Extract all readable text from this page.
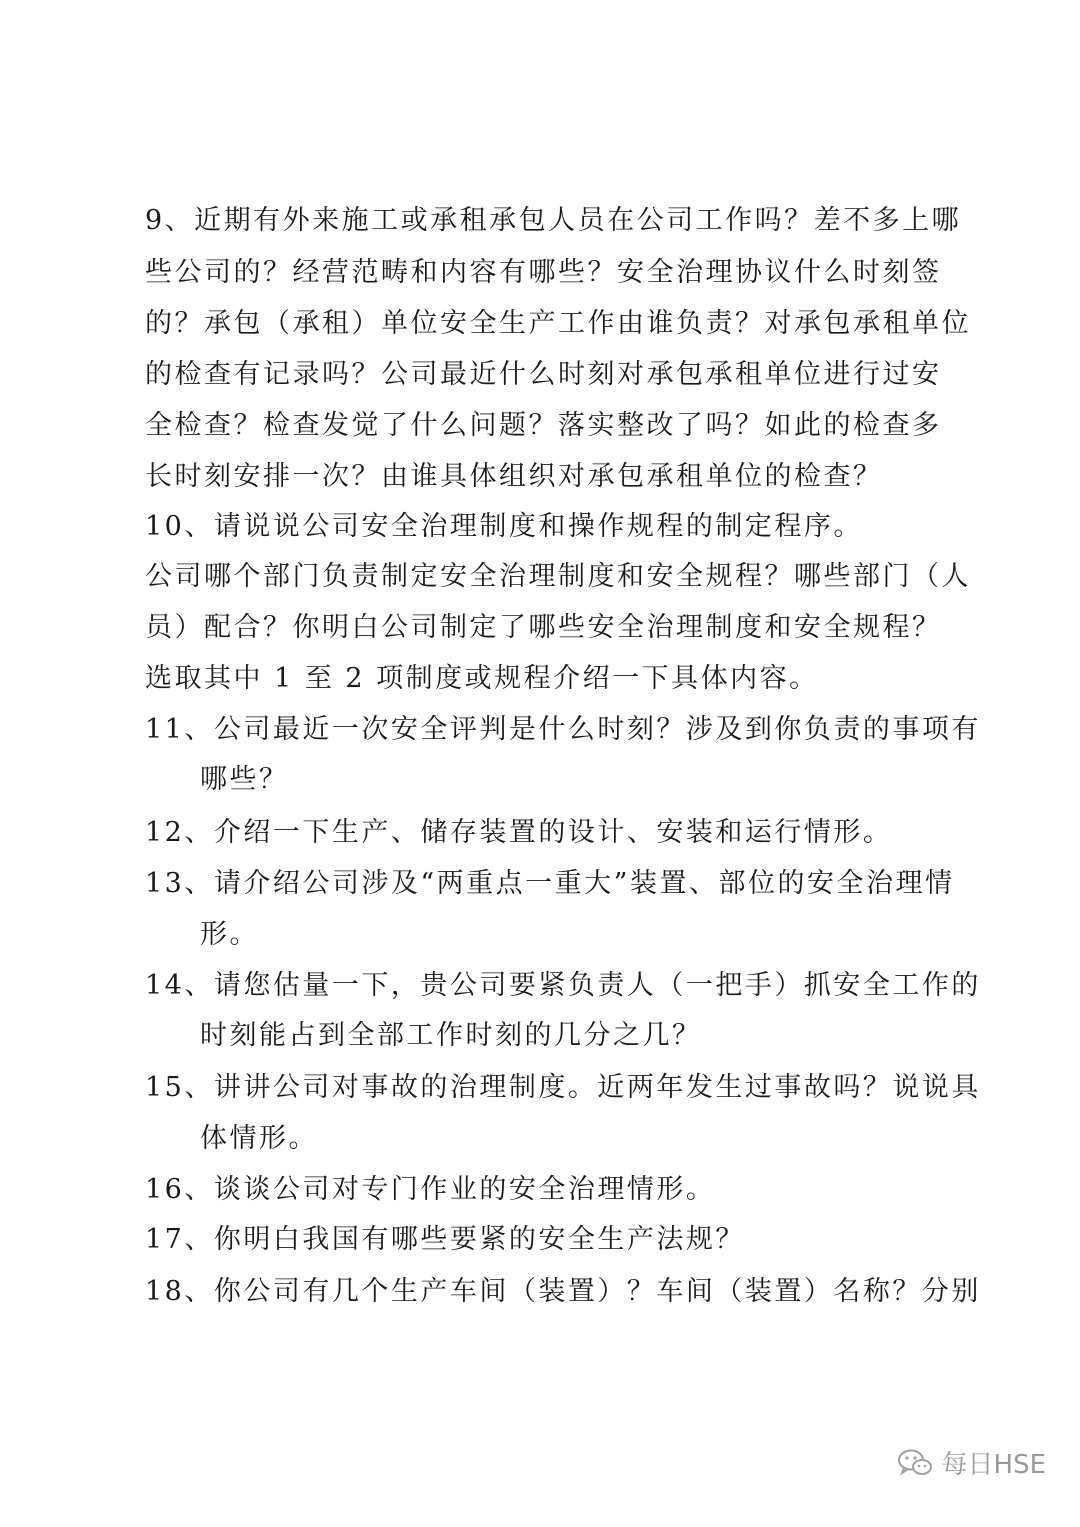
9、近期有外来施工或承租承包人员在公司工作吗？差不多上哪
些公司的？经营范畴和内容有哪些？安全治理协议什么时刻签
的？承包（承租）单位安全生产工作由谁负责？对承包承租单位
的检查有记录吗？公司最近什么时刻对承包承租单位进行过安
全检查？检查发觉了什么问题？落实整改了吗？如此的检查多
长时刻安排一次？由谁具体组织对承包承租单位的检查？
10、请说说公司安全治理制度和操作规程的制定程序。
公司哪个部门负责制定安全治理制度和安全规程？哪些部门（人
员）配合？你明白公司制定了哪些安全治理制度和安全规程？
选取其中 1 至 2 项制度或规程介绍一下具体内容。
11、公司最近一次安全评判是什么时刻？涉及到你负责的事项有
哪些？
12、介绍一下生产、储存装置的设计、安装和运行情形。
13、请介绍公司涉及“两重点一重大”装置、部位的安全治理情
形。
14、请您估量一下，贵公司要紧负责人（一把手）抓安全工作的
时刻能占到全部工作时刻的几分之几？
15、讲讲公司对事故的治理制度。近两年发生过事故吗？说说具
体情形。
16、谈谈公司对专门作业的安全治理情形。
17、你明白我国有哪些要紧的安全生产法规？
18、你公司有几个生产车间（装置）？车间（装置）名称？分别
每日HSE
